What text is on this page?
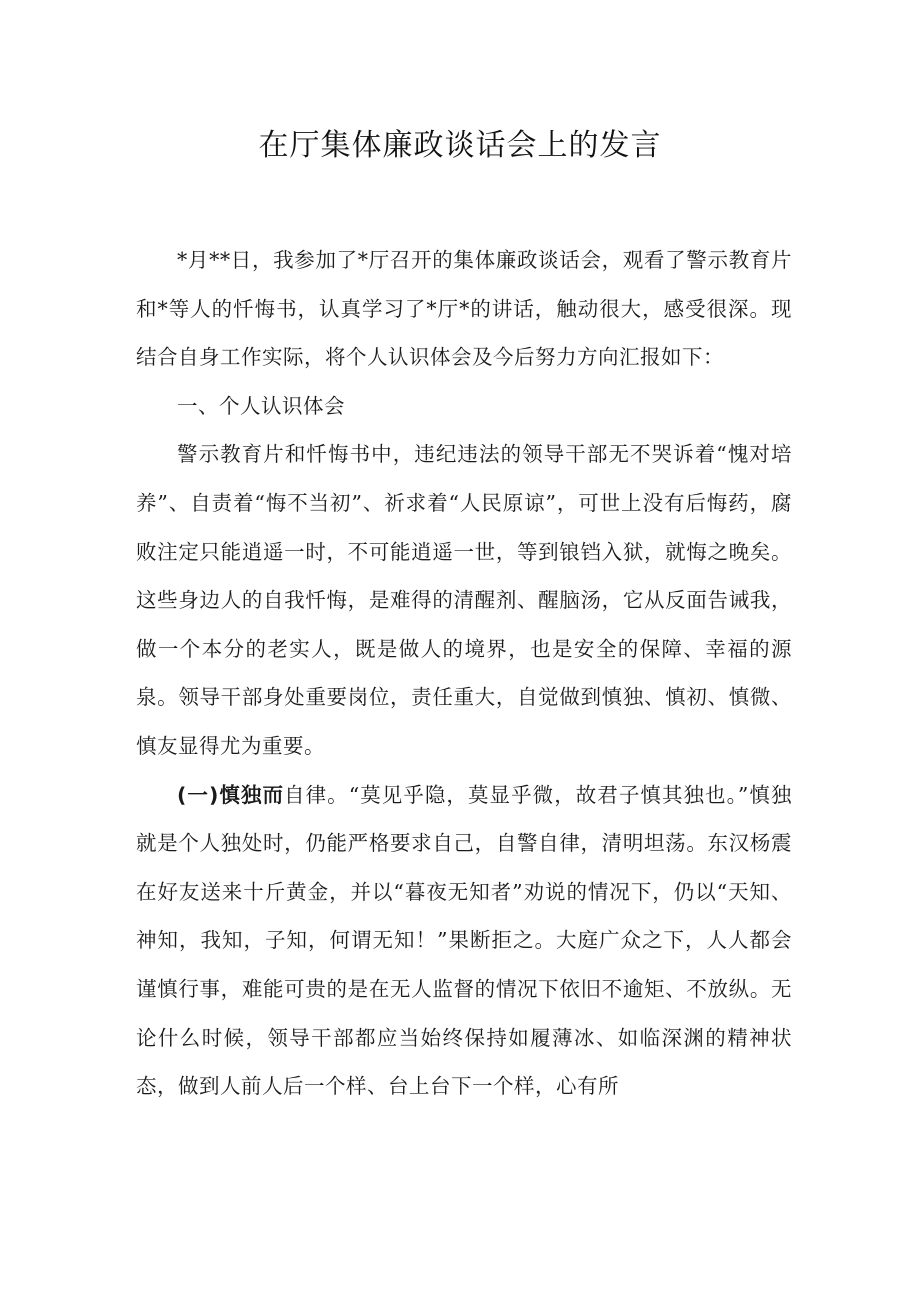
在厅集体廉政谈话会上的发言

*月**日，我参加了*厅召开的集体廉政谈话会，观看了警示教育片和*等人的忏悔书，认真学习了*厅*的讲话，触动很大，感受很深。现结合自身工作实际，将个人认识体会及今后努力方向汇报如下：

一、个人认识体会

警示教育片和忏悔书中，违纪违法的领导干部无不哭诉着“愧对培养”、自责着“悔不当初”、祈求着“人民原谅”，可世上没有后悔药，腐败注定只能逍遥一时，不可能逍遥一世，等到锒铛入狱，就悔之晚矣。这些身边人的自我忏悔，是难得的清醒剂、醒脑汤，它从反面告诫我，做一个本分的老实人，既是做人的境界，也是安全的保障、幸福的源泉。领导干部身处重要岗位，责任重大，自觉做到慎独、慎初、慎微、慎友显得尤为重要。

(一)慎独而自律。“莫见乎隐，莫显乎微，故君子慎其独也。”慎独就是个人独处时，仍能严格要求自己，自警自律，清明坦荡。东汉杨震在好友送来十斤黄金，并以“暮夜无知者”劝说的情况下，仍以“天知、神知，我知，子知，何谓无知！”果断拒之。大庭广众之下，人人都会谨慎行事，难能可贵的是在无人监督的情况下依旧不逾矩、不放纵。无论什么时候，领导干部都应当始终保持如履薄冰、如临深渊的精神状态，做到人前人后一个样、台上台下一个样，心有所
